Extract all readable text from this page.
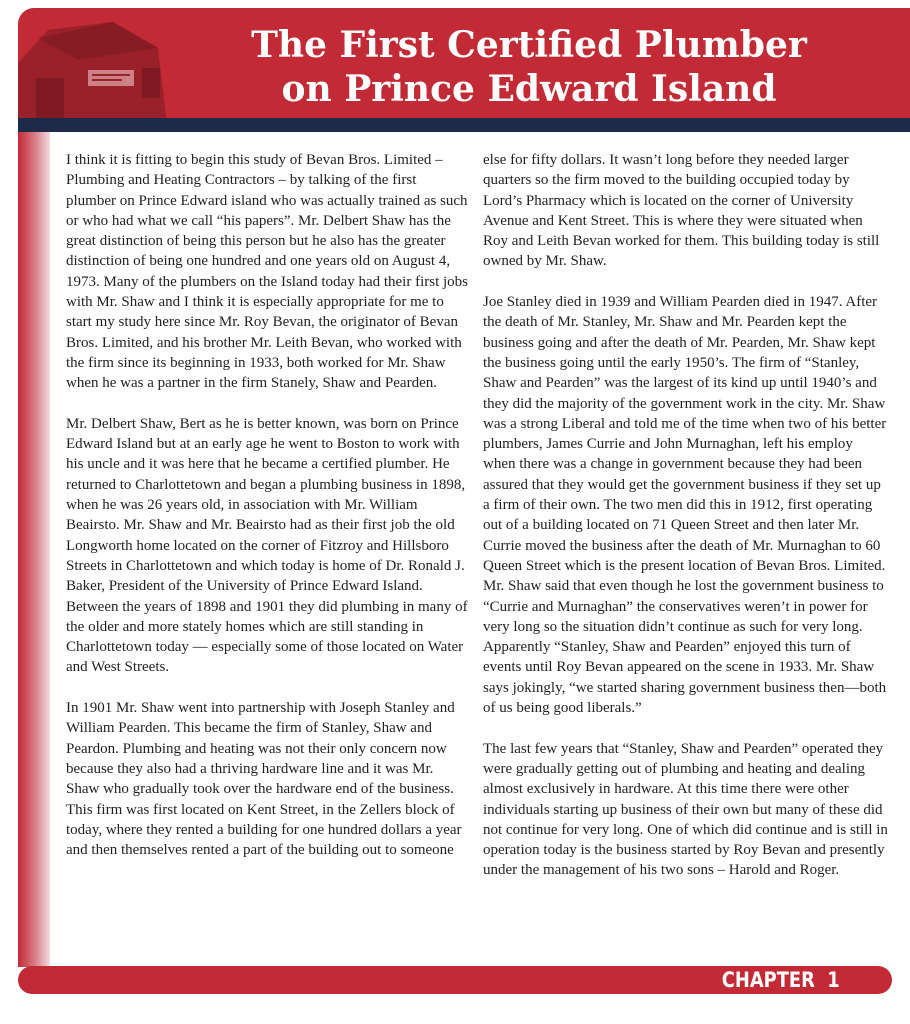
The First Certified Plumber
on Prince Edward Island

I think it is fitting to begin this study of Bevan Bros. Limited – Plumbing and Heating Contractors – by talking of the first plumber on Prince Edward island who was actually trained as such or who had what we call “his papers”. Mr. Delbert Shaw has the great distinction of being this person but he also has the greater distinction of being one hundred and one years old on August 4, 1973. Many of the plumbers on the Island today had their first jobs with Mr. Shaw and I think it is especially appropriate for me to start my study here since Mr. Roy Bevan, the originator of Bevan Bros. Limited, and his brother Mr. Leith Bevan, who worked with the firm since its beginning in 1933, both worked for Mr. Shaw when he was a partner in the firm Stanely, Shaw and Pearden.

Mr. Delbert Shaw, Bert as he is better known, was born on Prince Edward Island but at an early age he went to Boston to work with his uncle and it was here that he became a certified plumber. He returned to Charlottetown and began a plumbing business in 1898, when he was 26 years old, in association with Mr. William Beairsto. Mr. Shaw and Mr. Beairsto had as their first job the old Longworth home located on the corner of Fitzroy and Hillsboro Streets in Charlottetown and which today is home of Dr. Ronald J. Baker, President of the University of Prince Edward Island. Between the years of 1898 and 1901 they did plumbing in many of the older and more stately homes which are still standing in Charlottetown today — especially some of those located on Water and West Streets.

In 1901 Mr. Shaw went into partnership with Joseph Stanley and William Pearden. This became the firm of Stanley, Shaw and Peardon. Plumbing and heating was not their only concern now because they also had a thriving hardware line and it was Mr. Shaw who gradually took over the hardware end of the business. This firm was first located on Kent Street, in the Zellers block of today, where they rented a building for one hundred dollars a year and then themselves rented a part of the building out to someone

else for fifty dollars. It wasn’t long before they needed larger quarters so the firm moved to the building occupied today by Lord’s Pharmacy which is located on the corner of University Avenue and Kent Street. This is where they were situated when Roy and Leith Bevan worked for them. This building today is still owned by Mr. Shaw.

Joe Stanley died in 1939 and William Pearden died in 1947. After the death of Mr. Stanley, Mr. Shaw and Mr. Pearden kept the business going and after the death of Mr. Pearden, Mr. Shaw kept the business going until the early 1950’s. The firm of “Stanley, Shaw and Pearden” was the largest of its kind up until 1940’s and they did the majority of the government work in the city. Mr. Shaw was a strong Liberal and told me of the time when two of his better plumbers, James Currie and John Murnaghan, left his employ when there was a change in government because they had been assured that they would get the government business if they set up a firm of their own. The two men did this in 1912, first operating out of a building located on 71 Queen Street and then later Mr. Currie moved the business after the death of Mr. Murnaghan to 60 Queen Street which is the present location of Bevan Bros. Limited. Mr. Shaw said that even though he lost the government business to “Currie and Murnaghan” the conservatives weren’t in power for very long so the situation didn’t continue as such for very long. Apparently “Stanley, Shaw and Pearden” enjoyed this turn of events until Roy Bevan appeared on the scene in 1933. Mr. Shaw says jokingly, “we started sharing government business then—both of us being good liberals.”

The last few years that “Stanley, Shaw and Pearden” operated they were gradually getting out of plumbing and heating and dealing almost exclusively in hardware. At this time there were other individuals starting up business of their own but many of these did not continue for very long. One of which did continue and is still in operation today is the business started by Roy Bevan and presently under the management of his two sons – Harold and Roger.

CHAPTER 1
